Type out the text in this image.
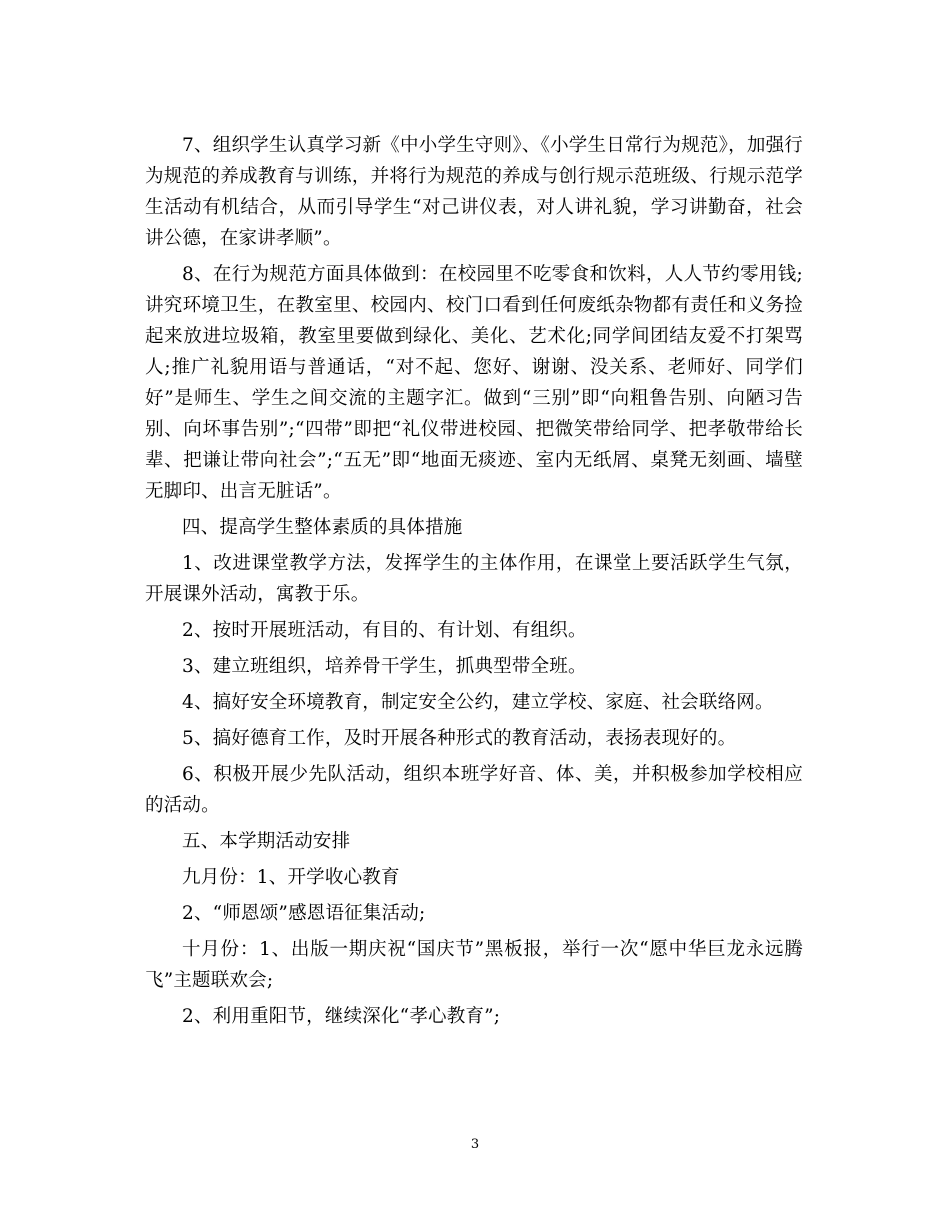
7、组织学生认真学习新《中小学生守则》、《小学生日常行为规范》，加强行为规范的养成教育与训练，并将行为规范的养成与创行规示范班级、行规示范学生活动有机结合，从而引导学生“对己讲仪表，对人讲礼貌，学习讲勤奋，社会讲公德，在家讲孝顺”。

8、在行为规范方面具体做到：在校园里不吃零食和饮料，人人节约零用钱;讲究环境卫生，在教室里、校园内、校门口看到任何废纸杂物都有责任和义务捡起来放进垃圾箱，教室里要做到绿化、美化、艺术化;同学间团结友爱不打架骂人;推广礼貌用语与普通话，“对不起、您好、谢谢、没关系、老师好、同学们好”是师生、学生之间交流的主题字汇。做到“三别”即“向粗鲁告别、向陋习告别、向坏事告别”;“四带”即把“礼仪带进校园、把微笑带给同学、把孝敬带给长辈、把谦让带向社会”;“五无”即“地面无痰迹、室内无纸屑、桌凳无刻画、墙壁无脚印、出言无脏话”。

四、提高学生整体素质的具体措施

1、改进课堂教学方法，发挥学生的主体作用，在课堂上要活跃学生气氛，开展课外活动，寓教于乐。

2、按时开展班活动，有目的、有计划、有组织。

3、建立班组织，培养骨干学生，抓典型带全班。

4、搞好安全环境教育，制定安全公约，建立学校、家庭、社会联络网。

5、搞好德育工作，及时开展各种形式的教育活动，表扬表现好的。

6、积极开展少先队活动，组织本班学好音、体、美，并积极参加学校相应的活动。

五、本学期活动安排

九月份：1、开学收心教育

2、“师恩颂”感恩语征集活动;

十月份：1、出版一期庆祝“国庆节”黑板报，举行一次“愿中华巨龙永远腾飞”主题联欢会;

2、利用重阳节，继续深化“孝心教育”;

3
